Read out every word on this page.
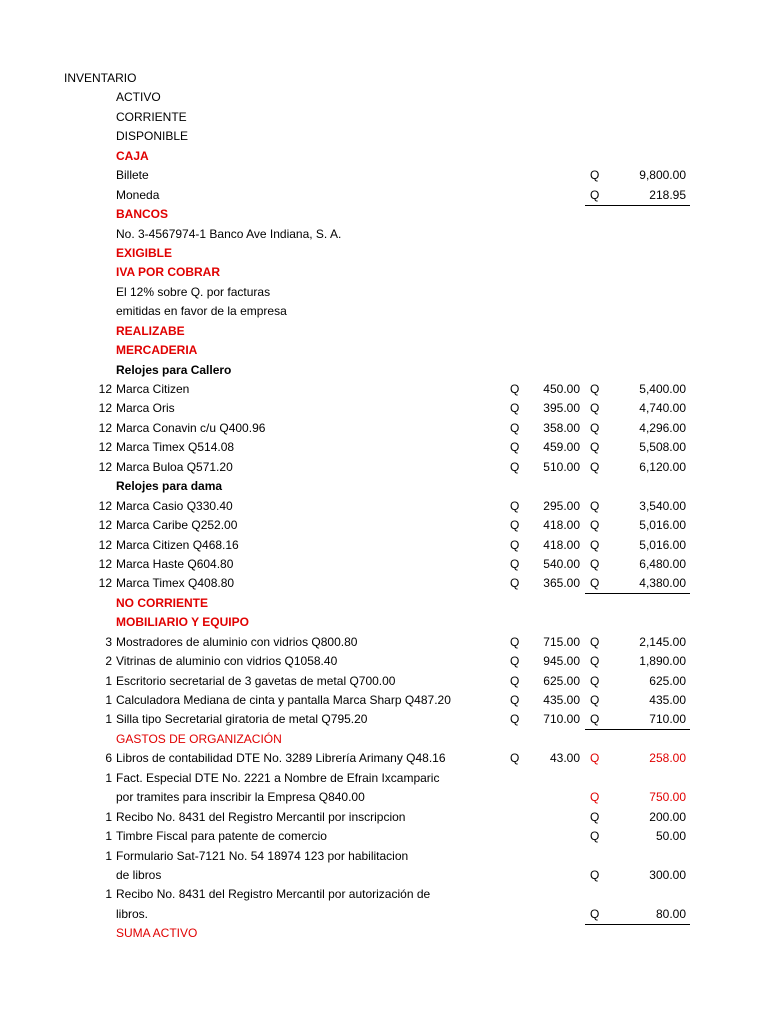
INVENTARIO
ACTIVO
CORRIENTE
DISPONIBLE
CAJA
Billete	Q	9,800.00
Moneda	Q	218.95
BANCOS
No. 3-4567974-1 Banco Ave Indiana, S. A.
EXIGIBLE
IVA POR COBRAR
El 12% sobre Q. por facturas
emitidas en favor de la empresa
REALIZABE
MERCADERIA
Relojes para Callero
12 Marca Citizen	Q	450.00 Q	5,400.00
12 Marca Oris	Q	395.00 Q	4,740.00
12 Marca Conavin c/u Q400.96	Q	358.00 Q	4,296.00
12 Marca Timex Q514.08	Q	459.00 Q	5,508.00
12 Marca Buloa Q571.20	Q	510.00 Q	6,120.00
Relojes para dama
12 Marca Casio Q330.40	Q	295.00 Q	3,540.00
12 Marca Caribe Q252.00	Q	418.00 Q	5,016.00
12 Marca Citizen Q468.16	Q	418.00 Q	5,016.00
12 Marca Haste Q604.80	Q	540.00 Q	6,480.00
12 Marca Timex Q408.80	Q	365.00 Q	4,380.00
NO CORRIENTE
MOBILIARIO Y EQUIPO
3 Mostradores de aluminio con vidrios Q800.80	Q	715.00 Q	2,145.00
2 Vitrinas de aluminio con vidrios Q1058.40	Q	945.00 Q	1,890.00
1 Escritorio secretarial de 3 gavetas de metal Q700.00	Q	625.00 Q	625.00
1 Calculadora Mediana de cinta y pantalla Marca Sharp Q487.20	Q	435.00 Q	435.00
1 Silla tipo Secretarial giratoria de metal Q795.20	Q	710.00 Q	710.00
GASTOS DE ORGANIZACIÓN
6 Libros de contabilidad DTE No. 3289 Librería Arimany Q48.16	Q	43.00 Q	258.00
1 Fact. Especial DTE No. 2221 a Nombre de Efrain Ixcamparic
por tramites para inscribir la Empresa Q840.00	Q	750.00
1 Recibo No. 8431 del Registro Mercantil por inscripcion	Q	200.00
1 Timbre Fiscal para patente de comercio	Q	50.00
1 Formulario Sat-7121 No. 54 18974 123 por habilitacion
de libros	Q	300.00
1 Recibo No. 8431 del Registro Mercantil por autorización de
libros.	Q	80.00
SUMA ACTIVO
